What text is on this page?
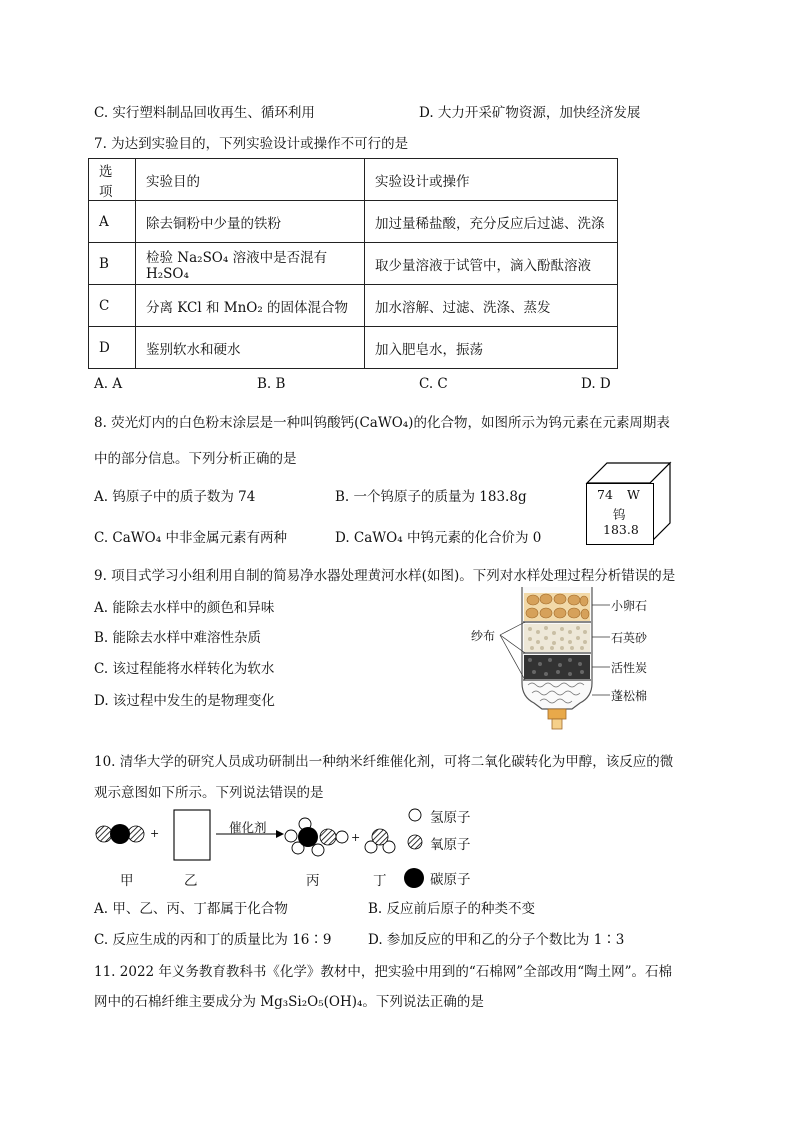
C. 实行塑料制品回收再生、循环利用	D. 大力开采矿物资源，加快经济发展
7. 为达到实验目的，下列实验设计或操作不可行的是
选项	实验目的	实验设计或操作
A	除去铜粉中少量的铁粉	加过量稀盐酸，充分反应后过滤、洗涤
B	检验 Na₂SO₄ 溶液中是否混有 H₂SO₄	取少量溶液于试管中，滴入酚酞溶液
C	分离 KCl 和 MnO₂ 的固体混合物	加水溶解、过滤、洗涤、蒸发
D	鉴别软水和硬水	加入肥皂水，振荡
A. A	B. B	C. C	D. D
8. 荧光灯内的白色粉末涂层是一种叫钨酸钙(CaWO₄)的化合物，如图所示为钨元素在元素周期表
中的部分信息。下列分析正确的是
A. 钨原子中的质子数为 74	B. 一个钨原子的质量为 183.8g
C. CaWO₄ 中非金属元素有两种	D. CaWO₄ 中钨元素的化合价为 0
74 W
钨
183.8
9. 项目式学习小组利用自制的简易净水器处理黄河水样(如图)。下列对水样处理过程分析错误的是
A. 能除去水样中的颜色和异味
B. 能除去水样中难溶性杂质
C. 该过程能将水样转化为软水
D. 该过程中发生的是物理变化
纱布
小卵石
石英砂
活性炭
蓬松棉
10. 清华大学的研究人员成功研制出一种纳米纤维催化剂，可将二氧化碳转化为甲醇，该反应的微
观示意图如下所示。下列说法错误的是
+	+
催化剂
氢原子
氧原子
碳原子
甲	乙	丙	丁
A. 甲、乙、丙、丁都属于化合物	B. 反应前后原子的种类不变
C. 反应生成的丙和丁的质量比为 16∶9	D. 参加反应的甲和乙的分子个数比为 1∶3
11. 2022 年义务教育教科书《化学》教材中，把实验中用到的“石棉网”全部改用“陶土网”。石棉
网中的石棉纤维主要成分为 Mg₃Si₂O₅(OH)₄。下列说法正确的是
